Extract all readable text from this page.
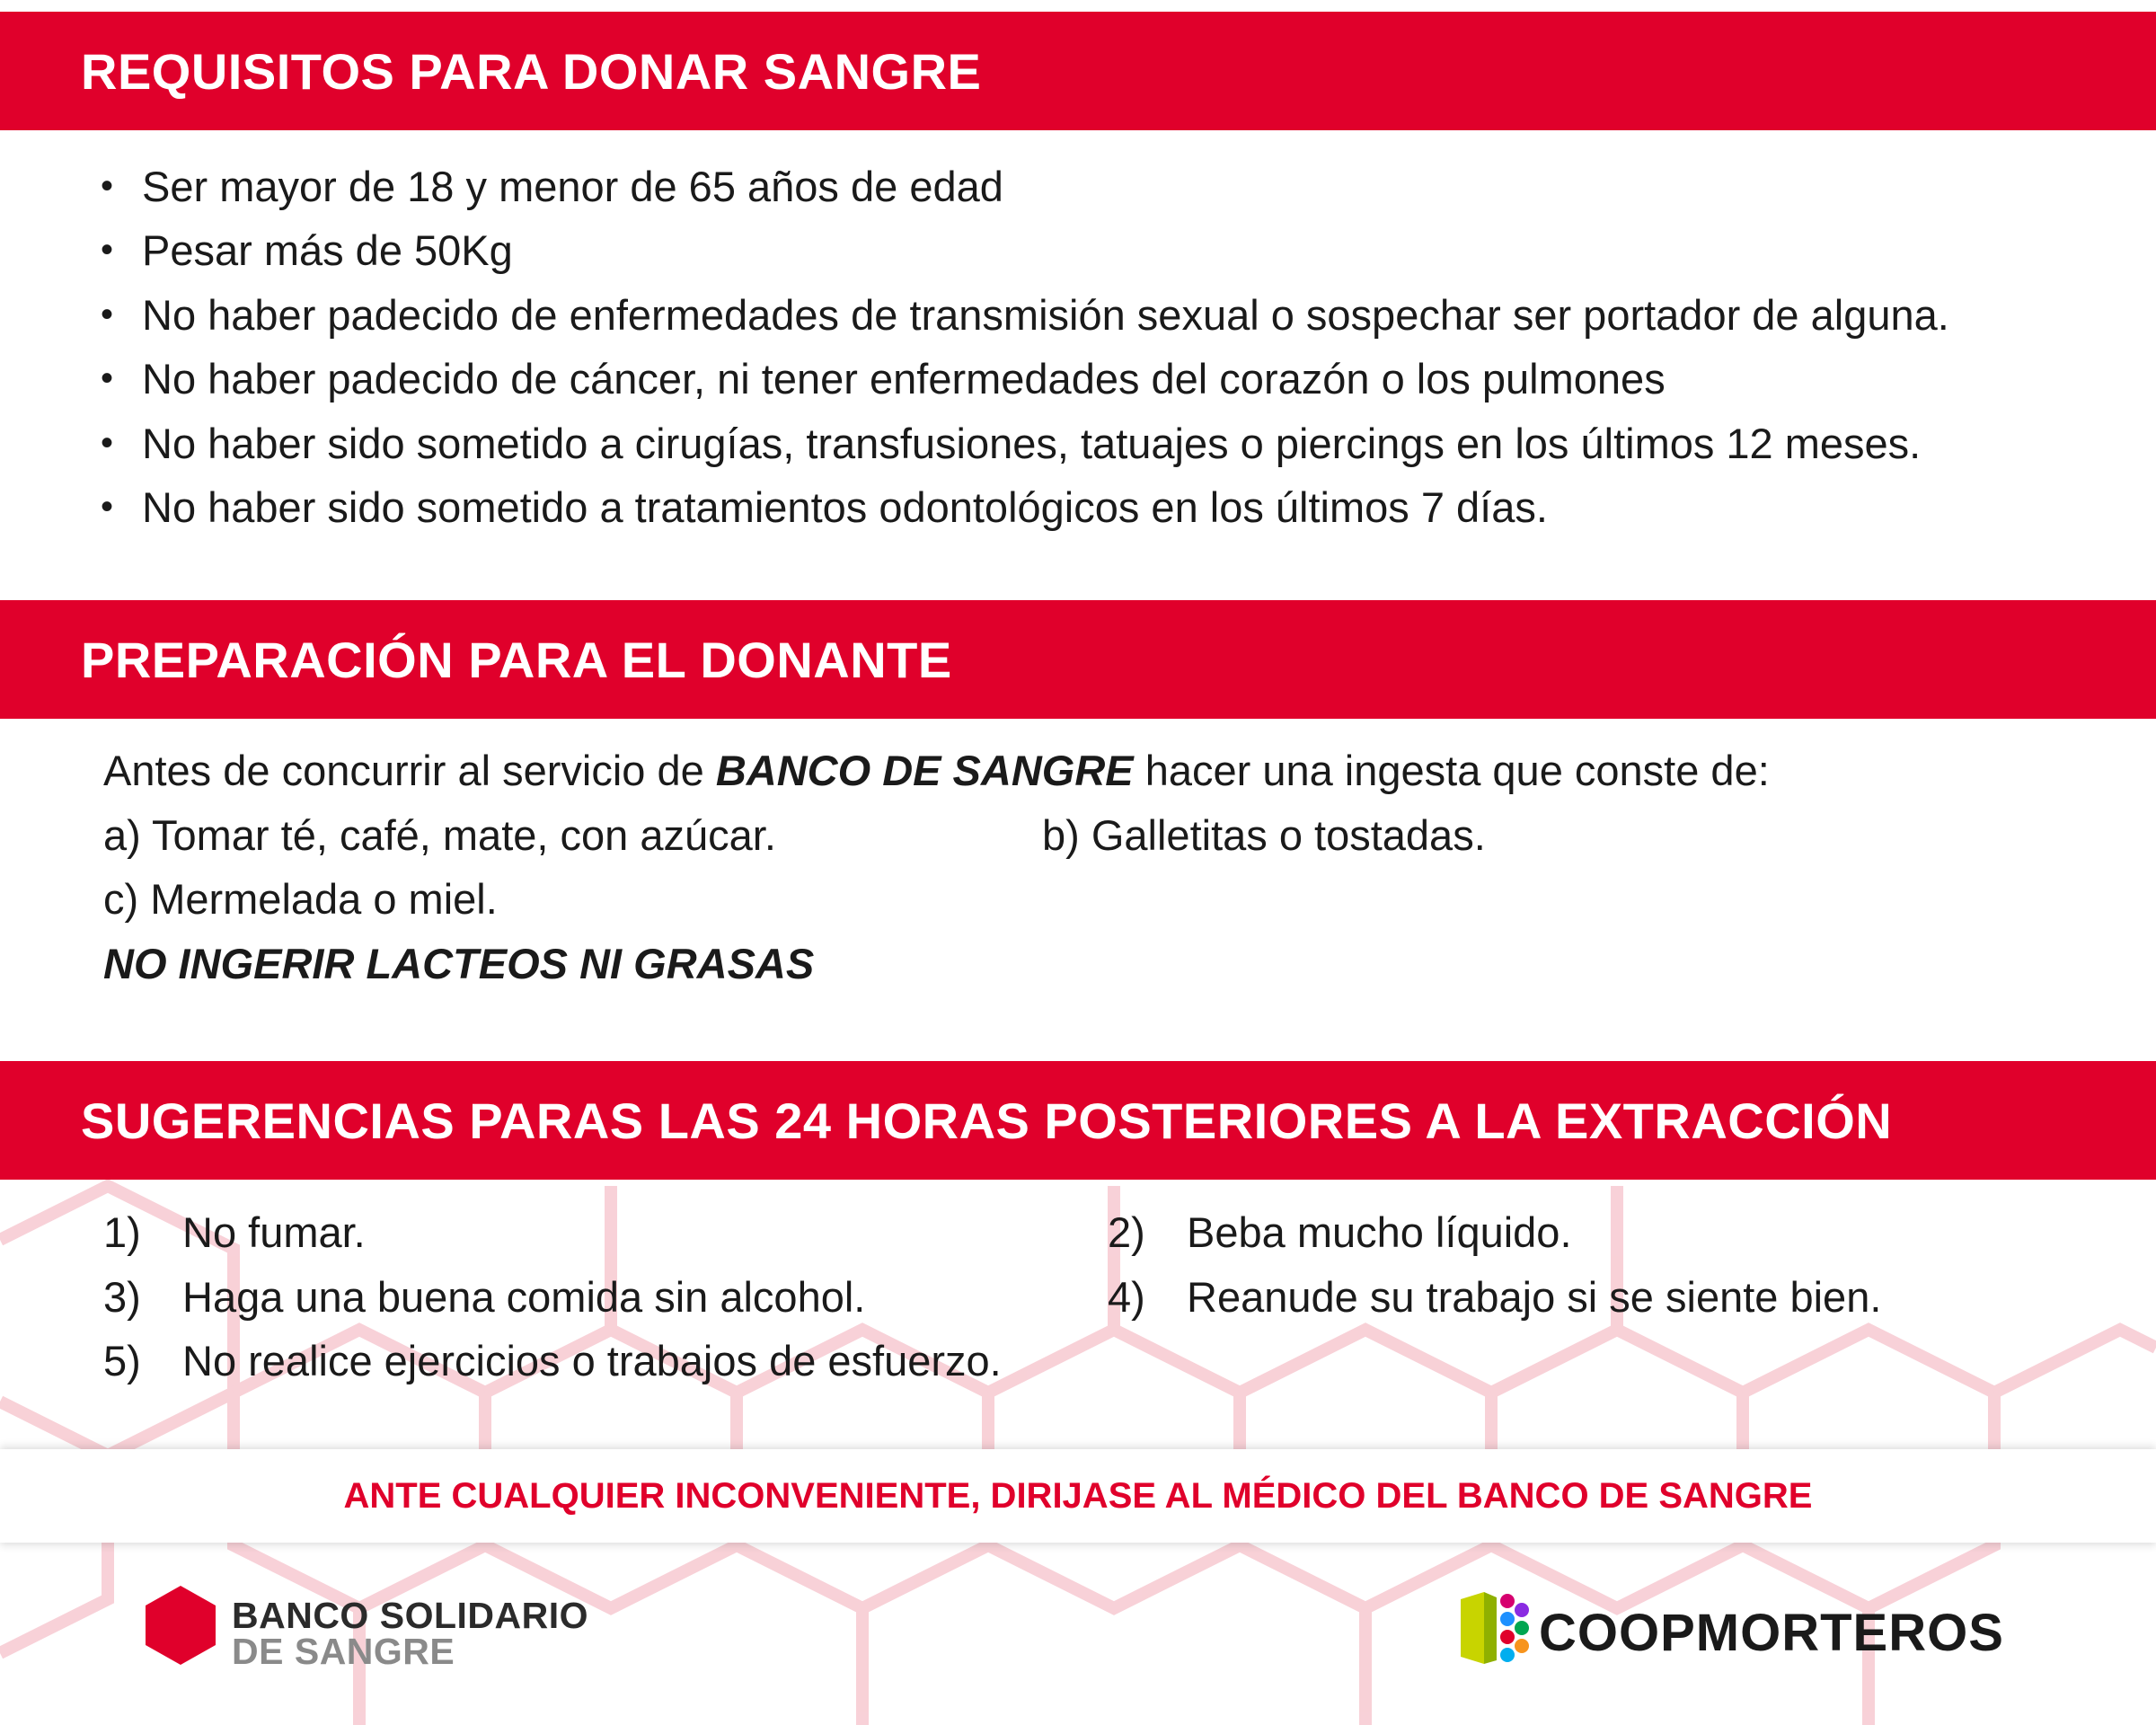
REQUISITOS PARA DONAR SANGRE
• Ser mayor de 18 y menor de 65 años de edad
• Pesar más de 50Kg
• No haber padecido de enfermedades de transmisión sexual o sospechar ser portador de alguna.
• No haber padecido de cáncer, ni tener enfermedades del corazón o los pulmones
• No haber sido sometido a cirugías, transfusiones, tatuajes o piercings en los últimos 12 meses.
• No haber sido sometido a tratamientos odontológicos en los últimos 7 días.
PREPARACIÓN PARA EL DONANTE
Antes de concurrir al servicio de BANCO DE SANGRE hacer una ingesta que conste de:
a) Tomar té, café, mate, con azúcar.	b) Galletitas o tostadas.
c) Mermelada o miel.
NO INGERIR LACTEOS NI GRASAS
SUGERENCIAS PARAS LAS 24 HORAS POSTERIORES A LA EXTRACCIÓN
1) No fumar.
3) Haga una buena comida sin alcohol.
5) No realice ejercicios o trabajos de esfuerzo.
2) Beba mucho líquido.
4) Reanude su trabajo si se siente bien.
ANTE CUALQUIER INCONVENIENTE, DIRIJASE AL MÉDICO DEL BANCO DE SANGRE
BANCO SOLIDARIO
DE SANGRE	COOPMORTEROS
